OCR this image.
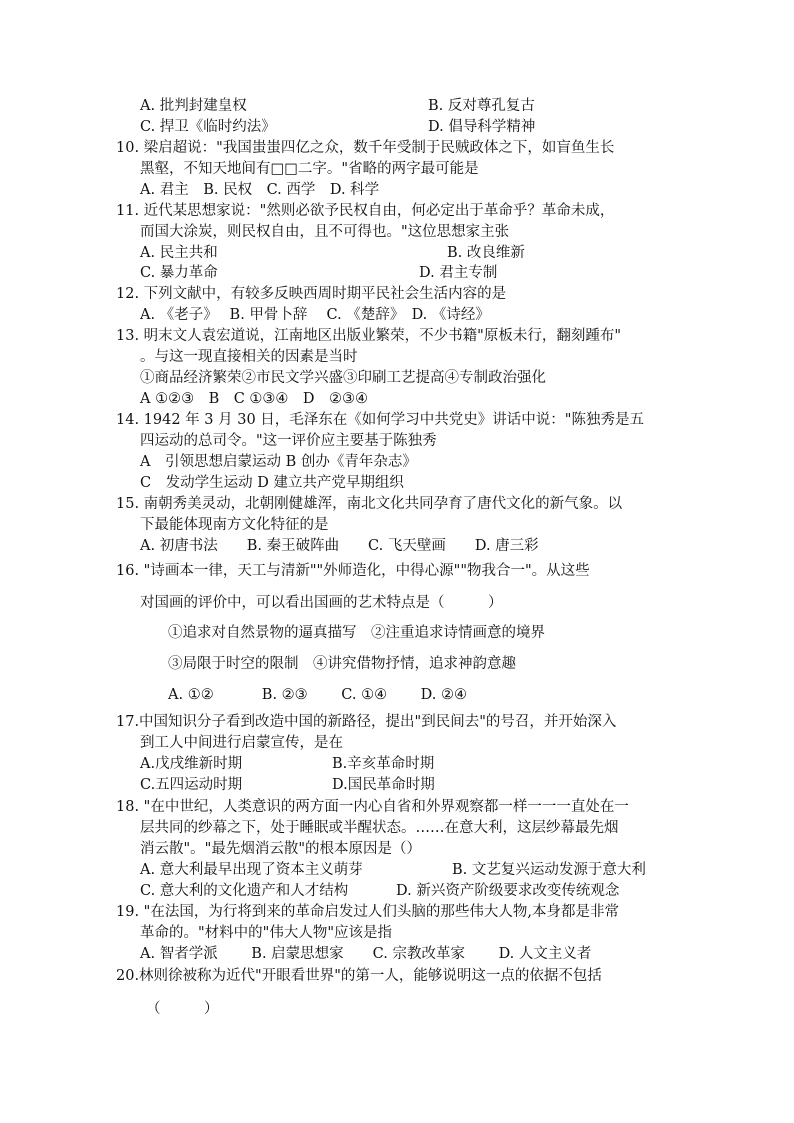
A. 批判封建皇权	B. 反对尊孔复古
C. 捍卫《临时约法》	D. 倡导科学精神
10. 梁启超说："我国蚩蚩四亿之众，数千年受制于民贼政体之下，如盲鱼生长
黑壑，不知天地间有□□二字。"省略的两字最可能是
A. 君主　B. 民权　C. 西学　D. 科学
11. 近代某思想家说："然则必欲予民权自由，何必定出于革命乎？革命未成，
而国大涂炭，则民权自由，且不可得也。"这位思想家主张
A. 民主共和	B. 改良维新
C. 暴力革命	D. 君主专制
12. 下列文献中，有较多反映西周时期平民社会生活内容的是
A. 《老子》　 B. 甲骨卜辞　 C. 《楚辞》　D. 《诗经》
13. 明末文人袁宏道说，江南地区出版业繁荣，不少书籍"原板未行，翻刻踵布"
。与这一现直接相关的因素是当时
①商品经济繁荣②市民文学兴盛③印刷工艺提高④专制政治强化
A ①②③　B　C ①③④　D　②③④
14. 1942 年 3 月 30 日，毛泽东在《如何学习中共党史》讲话中说："陈独秀是五
四运动的总司令。"这一评价应主要基于陈独秀
A　引领思想启蒙运动 B 创办《青年杂志》
C　发动学生运动 D 建立共产党早期组织
15. 南朝秀美灵动，北朝刚健雄浑，南北文化共同孕育了唐代文化的新气象。以
下最能体现南方文化特征的是
A. 初唐书法　　B. 秦王破阵曲　　C. 飞天壁画　　D. 唐三彩
16. "诗画本一律，天工与清新""外师造化，中得心源""物我合一"。从这些
对国画的评价中，可以看出国画的艺术特点是（　　　）
①追求对自然景物的逼真描写　②注重追求诗情画意的境界
③局限于时空的限制　④讲究借物抒情，追求神韵意趣
A. ①②　　　 B. ②③　　 C. ①④　　 D. ②④
17.中国知识分子看到改造中国的新路径，提出"到民间去"的号召，并开始深入
到工人中间进行启蒙宣传，是在
A.戊戌维新时期	B.辛亥革命时期
C.五四运动时期	D.国民革命时期
18. "在中世纪，人类意识的两方面一内心自省和外界观察都一样一一一直处在一
层共同的纱幕之下，处于睡眠或半醒状态。……在意大利，这层纱幕最先烟
消云散"。"最先烟消云散"的根本原因是（）
A. 意大利最早出现了资本主义萌芽	B. 文艺复兴运动发源于意大利
C. 意大利的文化遗产和人才结构	D. 新兴资产阶级要求改变传统观念
19. "在法国，为行将到来的革命启发过人们头脑的那些伟大人物,本身都是非常
革命的。"材料中的"伟大人物"应该是指
A. 智者学派　　 B. 启蒙思想家　　C. 宗教改革家　　 D. 人文主义者
20.林则徐被称为近代"开眼看世界"的第一人，能够说明这一点的依据不包括
（　　　）
